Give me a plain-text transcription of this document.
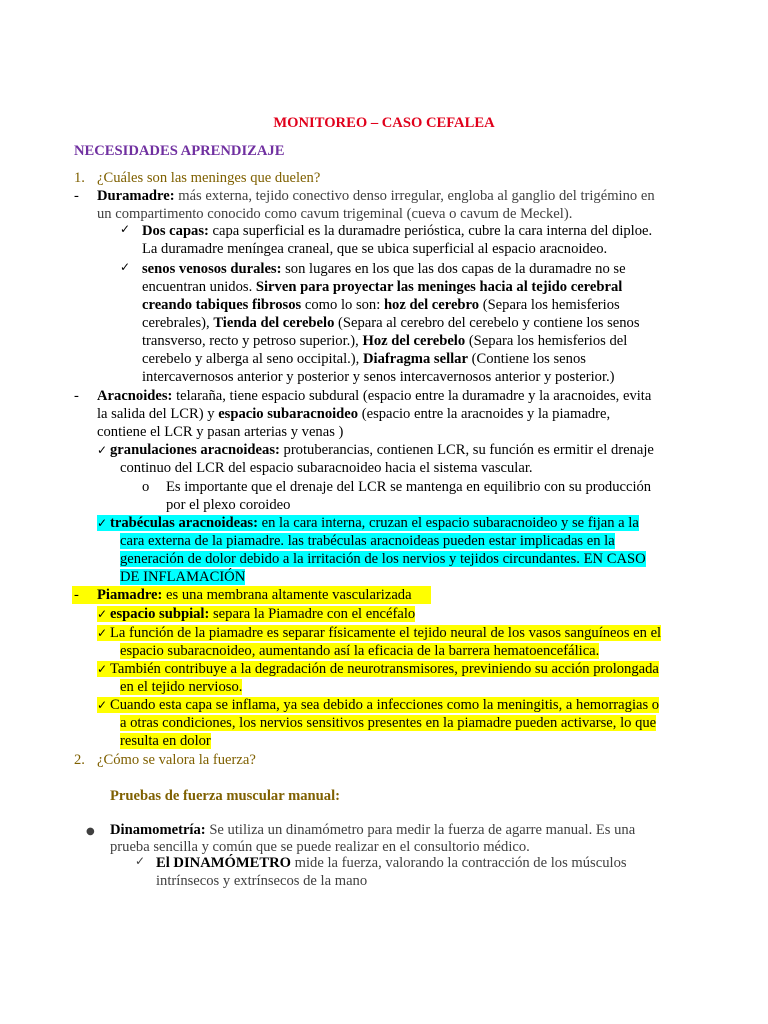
MONITOREO – CASO CEFALEA
NECESIDADES APRENDIZAJE
1. ¿Cuáles son las meninges que duelen?
- Duramadre: más externa, tejido conectivo denso irregular, engloba al ganglio del trigémino en
un compartimento conocido como cavum trigeminal (cueva o cavum de Meckel).
✓ Dos capas: capa superficial es la duramadre perióstica, cubre la cara interna del diploe.
La duramadre meníngea craneal, que se ubica superficial al espacio aracnoideo.
✓ senos venosos durales: son lugares en los que las dos capas de la duramadre no se
encuentran unidos. Sirven para proyectar las meninges hacia al tejido cerebral
creando tabiques fibrosos como lo son: hoz del cerebro (Separa los hemisferios
cerebrales), Tienda del cerebelo (Separa al cerebro del cerebelo y contiene los senos
transverso, recto y petroso superior.), Hoz del cerebelo (Separa los hemisferios del
cerebelo y alberga al seno occipital.), Diafragma sellar (Contiene los senos
intercavernosos anterior y posterior y senos intercavernosos anterior y posterior.)
- Aracnoides: telaraña, tiene espacio subdural (espacio entre la duramadre y la aracnoides, evita
la salida del LCR) y espacio subaracnoideo (espacio entre la aracnoides y la piamadre,
contiene el LCR y pasan arterias y venas )
✓ granulaciones aracnoideas: protuberancias, contienen LCR, su función es ermitir el drenaje
continuo del LCR del espacio subaracnoideo hacia el sistema vascular.
o Es importante que el drenaje del LCR se mantenga en equilibrio con su producción
por el plexo coroideo
✓ trabéculas aracnoideas: en la cara interna, cruzan el espacio subaracnoideo y se fijan a la
cara externa de la piamadre. las trabéculas aracnoideas pueden estar implicadas en la
generación de dolor debido a la irritación de los nervios y tejidos circundantes. EN CASO
DE INFLAMACIÓN
- Piamadre: es una membrana altamente vascularizada
✓ espacio subpial: separa la Piamadre con el encéfalo
✓ La función de la piamadre es separar físicamente el tejido neural de los vasos sanguíneos en el
espacio subaracnoideo, aumentando así la eficacia de la barrera hematoencefálica.
✓ También contribuye a la degradación de neurotransmisores, previniendo su acción prolongada
en el tejido nervioso.
✓ Cuando esta capa se inflama, ya sea debido a infecciones como la meningitis, a hemorragias o
a otras condiciones, los nervios sensitivos presentes en la piamadre pueden activarse, lo que
resulta en dolor
2. ¿Cómo se valora la fuerza?
Pruebas de fuerza muscular manual:
● Dinamometría: Se utiliza un dinamómetro para medir la fuerza de agarre manual. Es una
prueba sencilla y común que se puede realizar en el consultorio médico.
✓ El DINAMÓMETRO mide la fuerza, valorando la contracción de los músculos
intrínsecos y extrínsecos de la mano
